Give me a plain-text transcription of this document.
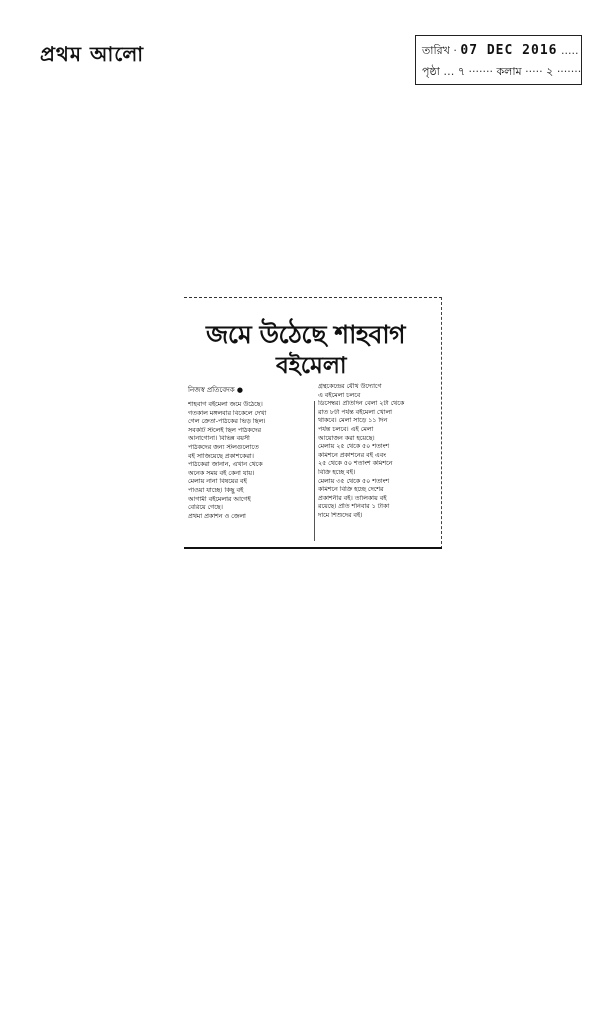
প্রথম আলো	তারিখ · 07 DEC 2016 .....
পৃষ্ঠা … ৭ ······· কলাম ····· ২ ·······
জমে উঠেছে শাহবাগ
বইমেলা
নিজস্ব প্রতিবেদক ●
শাহবাগ বইমেলা জমে উঠেছে।
গতকাল মঙ্গলবার বিকেলে দেখা
গেল ক্রেতা-পাঠকের ভিড় ছিল।
সবকটি স্টলেই ছিল পাঠকদের
আনাগোনা। বিভিন্ন বয়সী
পাঠকদের জন্য স্টলগুলোতে
বই সাজিয়েছে প্রকাশকেরা।
পাঠকেরা জানান, এখান থেকে
অনেক সময় বই কেনা যায়।
মেলায় নানা বিষয়ের বই
পাওয়া যাচ্ছে। কিছু বই
আগামী বইমেলার আগেই
বেরিয়ে গেছে।
প্রথমা প্রকাশন ও জেলা
গ্রন্থকেন্দ্রের যৌথ উদ্যোগে
এ বইমেলা চলবে
ডিসেম্বর। প্রতিদিন বেলা ২টা থেকে
রাত ৮টা পর্যন্ত বইমেলা খোলা
থাকবে। মেলা সাড়ে ১১ দিন
পর্যন্ত চলবে। এই মেলা
আয়োজন করা হয়েছে।
মেলায় ২৫ থেকে ৫০ শতাংশ
কমিশনে প্রকাশনের বই এবং
২৫ থেকে ৫০ শতাংশ কমিশনে
বিক্রি হচ্ছে বই।
মেলায় ৩৫ থেকে ৫০ শতাংশ
কমিশনে বিক্রি হচ্ছে দেশের
প্রকাশনীর বই। তালিকায় বই
রয়েছে। প্রতি শনিবার ১ টাকা
দামে শিশুদের বই।
